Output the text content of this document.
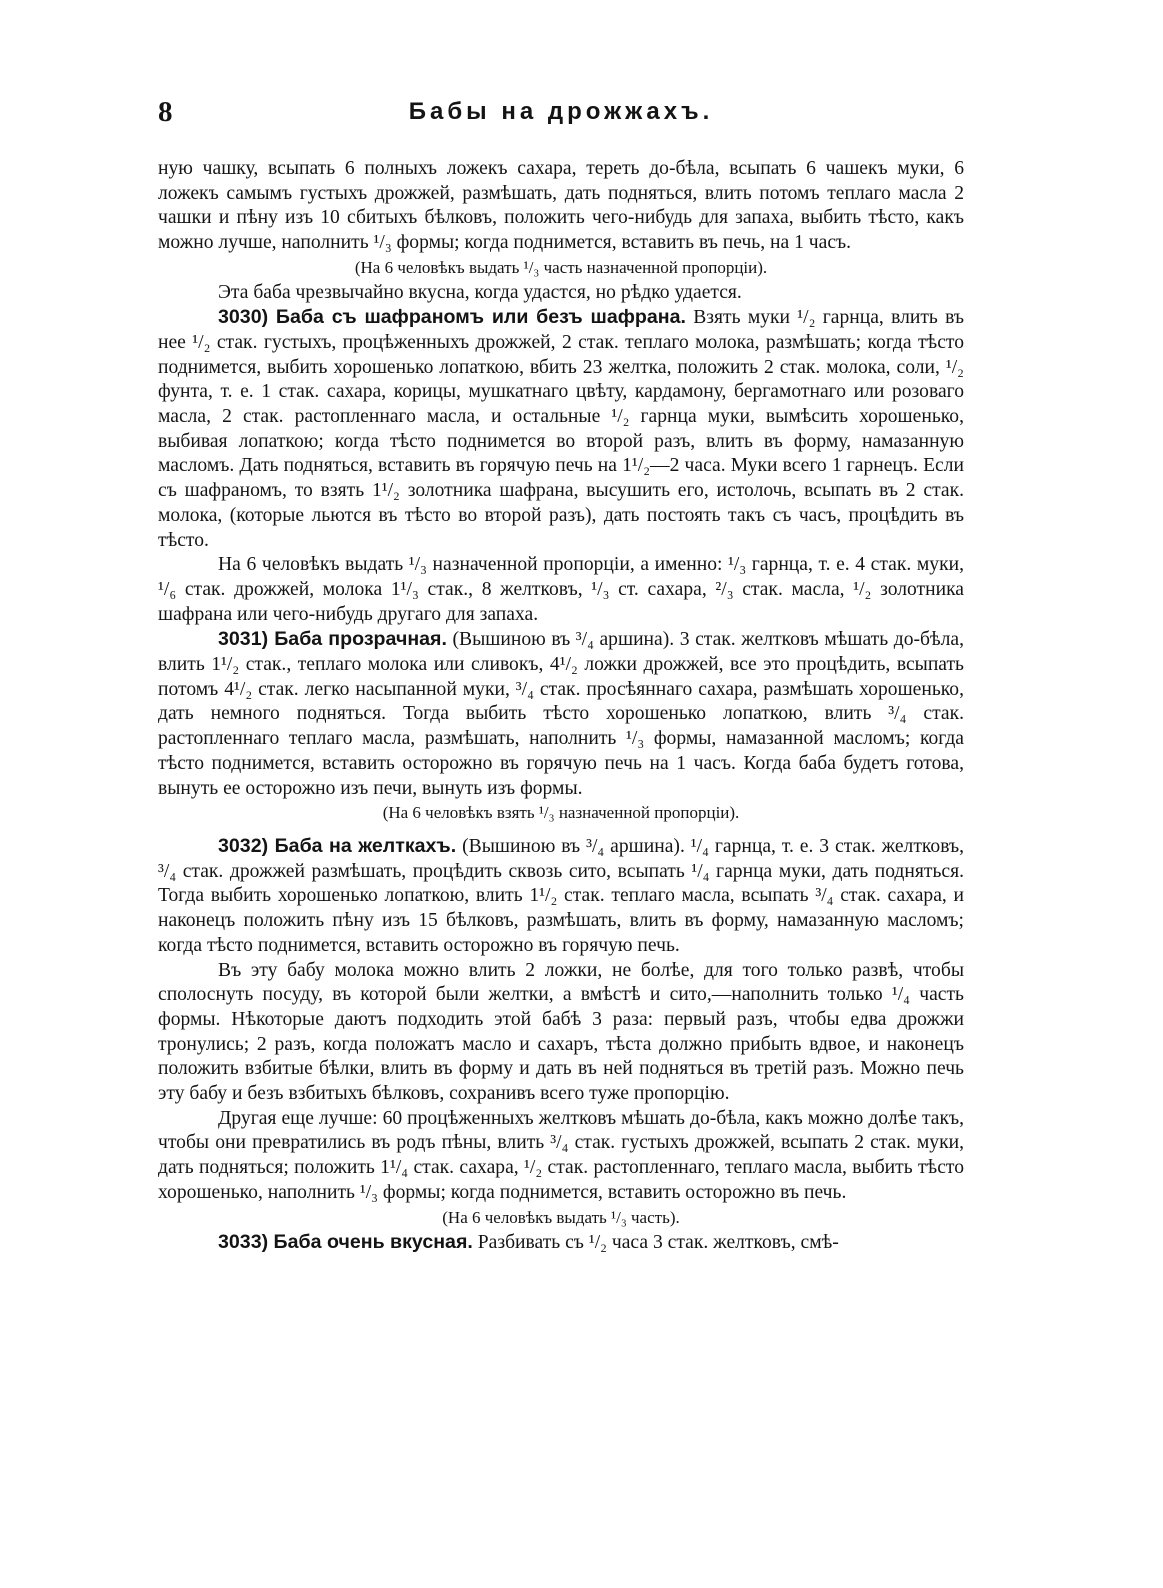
8	Бабы на дрожжахъ.

ную чашку, всыпать 6 полныхъ ложекъ сахара, тереть до-бѣла, всыпать 6 чашекъ муки, 6 ложекъ самымъ густыхъ дрожжей, размѣшать, дать подняться, влить потомъ теплаго масла 2 чашки и пѣну изъ 10 сбитыхъ бѣлковъ, положить чего-нибудь для запаха, выбить тѣсто, какъ можно лучше, наполнить ¹/₃ формы; когда поднимется, вставить въ печь, на 1 часъ.

(На 6 человѣкъ выдать ¹/₃ часть назначенной пропорціи).

Эта баба чрезвычайно вкусна, когда удастся, но рѣдко удается.

3030) Баба съ шафраномъ или безъ шафрана. Взять муки ¹/₂ гарнца, влить въ нее ¹/₂ стак. густыхъ, процѣженныхъ дрожжей, 2 стак. теплаго молока, размѣшать; когда тѣсто поднимется, выбить хорошенько лопаткою, вбить 23 желтка, положить 2 стак. молока, соли, ¹/₂ фунта, т. е. 1 стак. сахара, корицы, мушкатнаго цвѣту, кардамону, бергамотнаго или розоваго масла, 2 стак. растопленнаго масла, и остальные ¹/₂ гарнца муки, вымѣсить хорошенько, выбивая лопаткою; когда тѣсто поднимется во второй разъ, влить въ форму, намазанную масломъ. Дать подняться, вставить въ горячую печь на 1¹/₂—2 часа. Муки всего 1 гарнецъ. Если съ шафраномъ, то взять 1¹/₂ золотника шафрана, высушить его, истолочь, всыпать въ 2 стак. молока, (которые льются въ тѣсто во второй разъ), дать постоять такъ съ часъ, процѣдить въ тѣсто.

На 6 человѣкъ выдать ¹/₃ назначенной пропорціи, а именно: ¹/₃ гарнца, т. е. 4 стак. муки, ¹/₆ стак. дрожжей, молока 1¹/₃ стак., 8 желтковъ, ¹/₃ ст. сахара, ²/₃ стак. масла, ¹/₂ золотника шафрана или чего-нибудь другаго для запаха.

3031) Баба прозрачная. (Вышиною въ ³/₄ аршина). 3 стак. желтковъ мѣшать до-бѣла, влить 1¹/₂ стак., теплаго молока или сливокъ, 4¹/₂ ложки дрожжей, все это процѣдить, всыпать потомъ 4¹/₂ стак. легко насыпанной муки, ³/₄ стак. просѣяннаго сахара, размѣшать хорошенько, дать немного подняться. Тогда выбить тѣсто хорошенько лопаткою, влить ³/₄ стак. растопленнаго теплаго масла, размѣшать, наполнить ¹/₃ формы, намазанной масломъ; когда тѣсто поднимется, вставить осторожно въ горячую печь на 1 часъ. Когда баба будетъ готова, вынуть ее осторожно изъ печи, вынуть изъ формы.

(На 6 человѣкъ взять ¹/₃ назначенной пропорціи).

3032) Баба на желткахъ. (Вышиною въ ³/₄ аршина). ¹/₄ гарнца, т. е. 3 стак. желтковъ, ³/₄ стак. дрожжей размѣшать, процѣдить сквозь сито, всыпать ¹/₄ гарнца муки, дать подняться. Тогда выбить хорошенько лопаткою, влить 1¹/₂ стак. теплаго масла, всыпать ³/₄ стак. сахара, и наконецъ положить пѣну изъ 15 бѣлковъ, размѣшать, влить въ форму, намазанную масломъ; когда тѣсто поднимется, вставить осторожно въ горячую печь.

Въ эту бабу молока можно влить 2 ложки, не болѣе, для того только развѣ, чтобы сполоснуть посуду, въ которой были желтки, а вмѣстѣ и сито,—наполнить только ¹/₄ часть формы. Нѣкоторые даютъ подходить этой бабѣ 3 раза: первый разъ, чтобы едва дрожжи тронулись; 2 разъ, когда положатъ масло и сахаръ, тѣста должно прибыть вдвое, и наконецъ положить взбитые бѣлки, влить въ форму и дать въ ней подняться въ третій разъ. Можно печь эту бабу и безъ взбитыхъ бѣлковъ, сохранивъ всего туже пропорцію.

Другая еще лучше: 60 процѣженныхъ желтковъ мѣшать до-бѣла, какъ можно долѣе такъ, чтобы они превратились въ родъ пѣны, влить ³/₄ стак. густыхъ дрожжей, всыпать 2 стак. муки, дать подняться; положить 1¹/₄ стак. сахара, ¹/₂ стак. растопленнаго, теплаго масла, выбить тѣсто хорошенько, наполнить ¹/₃ формы; когда поднимется, вставить осторожно въ печь.

(На 6 человѣкъ выдать ¹/₃ часть).

3033) Баба очень вкусная. Разбивать съ ¹/₂ часа 3 стак. желтковъ, смѣ-
